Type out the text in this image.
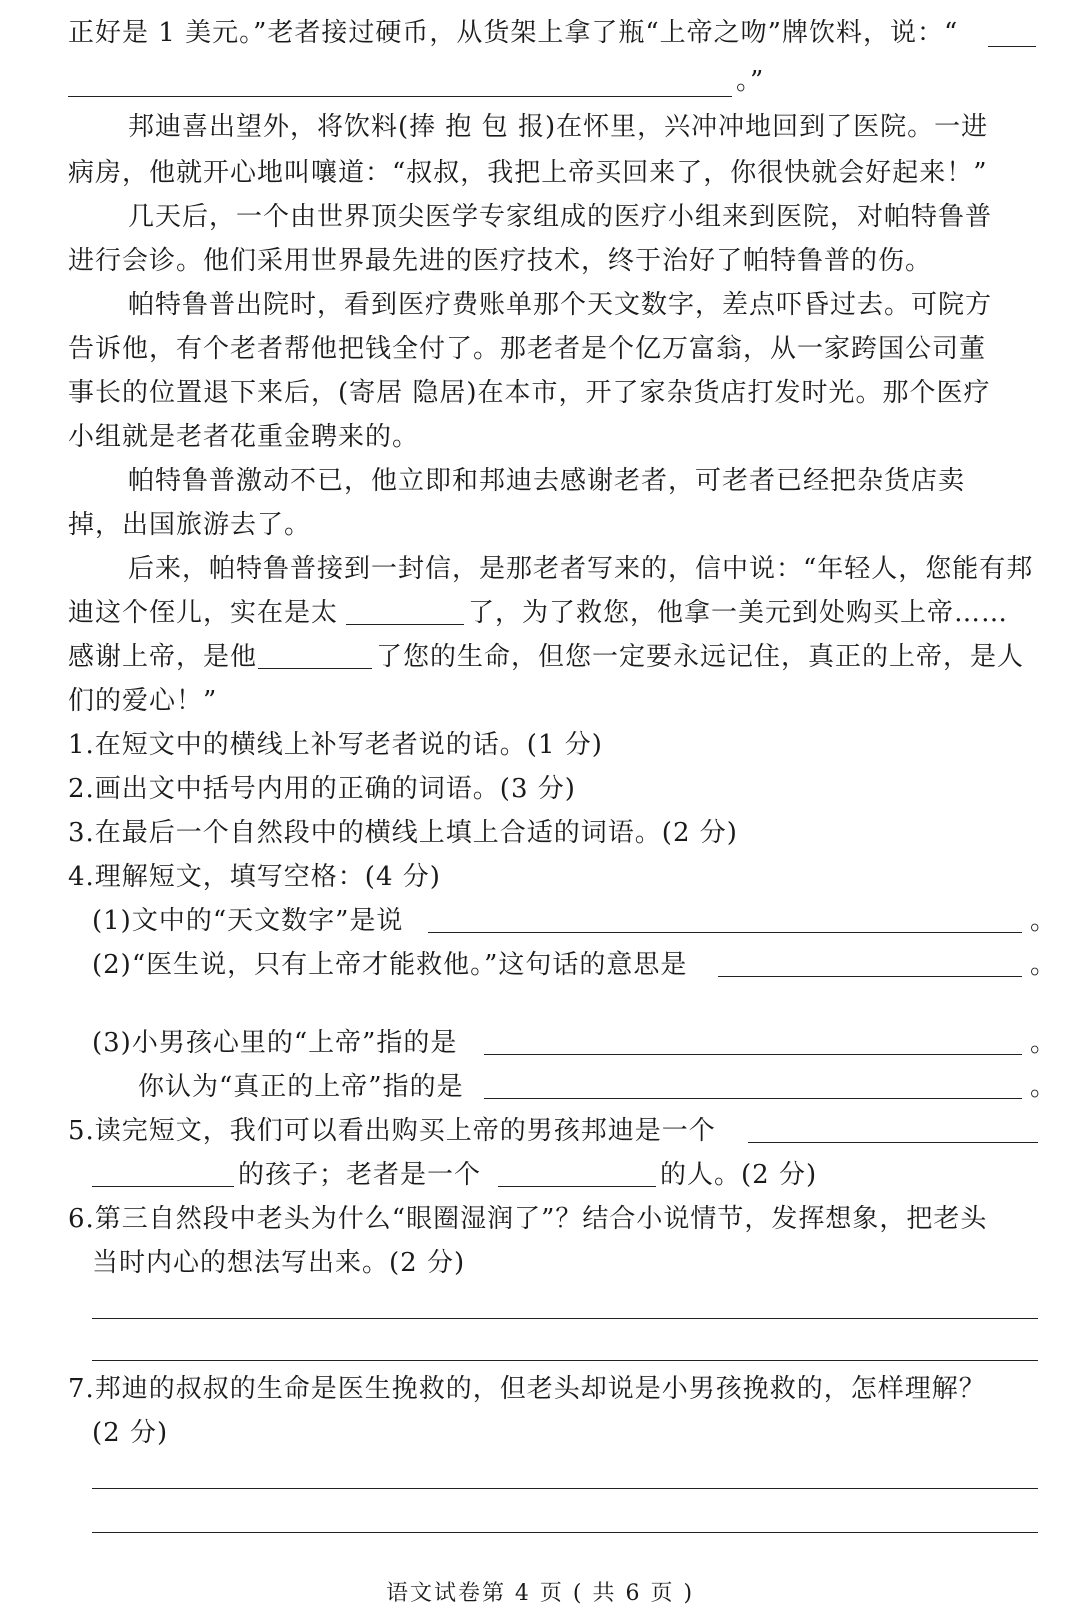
正好是 1 美元。”老者接过硬币，从货架上拿了瓶“上帝之吻”牌饮料，说：“
。”
邦迪喜出望外，将饮料(捧 抱 包 报)在怀里，兴冲冲地回到了医院。一进
病房，他就开心地叫嚷道：“叔叔，我把上帝买回来了，你很快就会好起来！”
几天后，一个由世界顶尖医学专家组成的医疗小组来到医院，对帕特鲁普
进行会诊。他们采用世界最先进的医疗技术，终于治好了帕特鲁普的伤。
帕特鲁普出院时，看到医疗费账单那个天文数字，差点吓昏过去。可院方
告诉他，有个老者帮他把钱全付了。那老者是个亿万富翁，从一家跨国公司董
事长的位置退下来后，(寄居 隐居)在本市，开了家杂货店打发时光。那个医疗
小组就是老者花重金聘来的。
帕特鲁普激动不已，他立即和邦迪去感谢老者，可老者已经把杂货店卖
掉，出国旅游去了。
后来，帕特鲁普接到一封信，是那老者写来的，信中说：“年轻人，您能有邦
迪这个侄儿，实在是太	了，为了救您，他拿一美元到处购买上帝……
感谢上帝，是他	了您的生命，但您一定要永远记住，真正的上帝，是人
们的爱心！”
1.在短文中的横线上补写老者说的话。(1 分)
2.画出文中括号内用的正确的词语。(3 分)
3.在最后一个自然段中的横线上填上合适的词语。(2 分)
4.理解短文，填写空格：(4 分)
(1)文中的“天文数字”是说	。
(2)“医生说，只有上帝才能救他。”这句话的意思是	。
(3)小男孩心里的“上帝”指的是	。
你认为“真正的上帝”指的是	。
5.读完短文，我们可以看出购买上帝的男孩邦迪是一个
的孩子；老者是一个	的人。(2 分)
6.第三自然段中老头为什么“眼圈湿润了”？结合小说情节，发挥想象，把老头
当时内心的想法写出来。(2 分)
7.邦迪的叔叔的生命是医生挽救的，但老头却说是小男孩挽救的，怎样理解？
(2 分)
语文试卷第 4 页 ( 共 6 页 )
